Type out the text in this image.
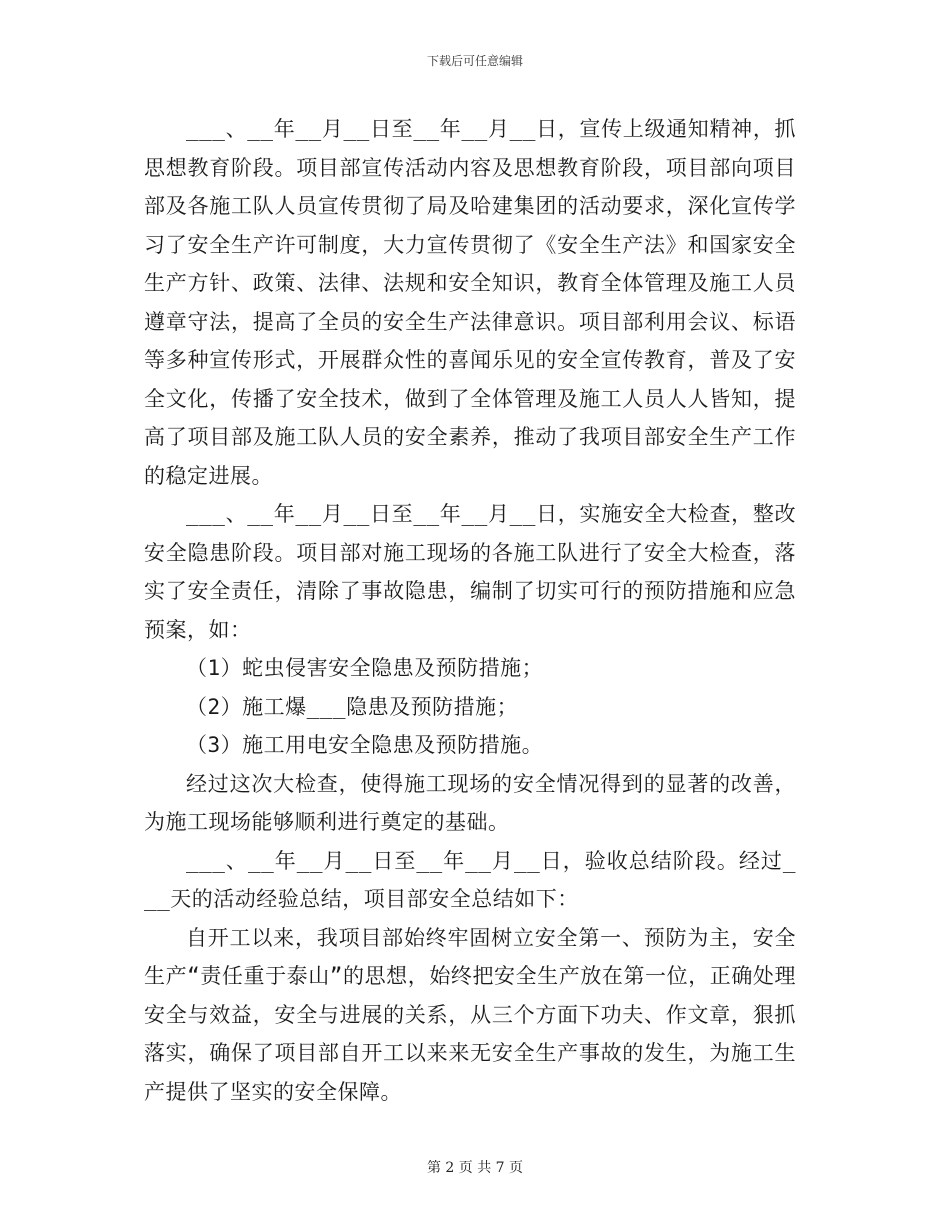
下载后可任意编辑

___、__年__月__日至__年__月__日，宣传上级通知精神，抓思想教育阶段。项目部宣传活动内容及思想教育阶段，项目部向项目部及各施工队人员宣传贯彻了局及哈建集团的活动要求，深化宣传学习了安全生产许可制度，大力宣传贯彻了《安全生产法》和国家安全生产方针、政策、法律、法规和安全知识，教育全体管理及施工人员遵章守法，提高了全员的安全生产法律意识。项目部利用会议、标语等多种宣传形式，开展群众性的喜闻乐见的安全宣传教育，普及了安全文化，传播了安全技术，做到了全体管理及施工人员人人皆知，提高了项目部及施工队人员的安全素养，推动了我项目部安全生产工作的稳定进展。

___、__年__月__日至__年__月__日，实施安全大检查，整改安全隐患阶段。项目部对施工现场的各施工队进行了安全大检查，落实了安全责任，清除了事故隐患，编制了切实可行的预防措施和应急预案，如：

（1）蛇虫侵害安全隐患及预防措施；

（2）施工爆___隐患及预防措施；

（3）施工用电安全隐患及预防措施。

经过这次大检查，使得施工现场的安全情况得到的显著的改善，为施工现场能够顺利进行奠定的基础。

___、__年__月__日至__年__月__日，验收总结阶段。经过___天的活动经验总结，项目部安全总结如下：

自开工以来，我项目部始终牢固树立安全第一、预防为主，安全生产“责任重于泰山”的思想，始终把安全生产放在第一位，正确处理安全与效益，安全与进展的关系，从三个方面下功夫、作文章，狠抓落实，确保了项目部自开工以来来无安全生产事故的发生，为施工生产提供了坚实的安全保障。

第 2 页 共 7 页
